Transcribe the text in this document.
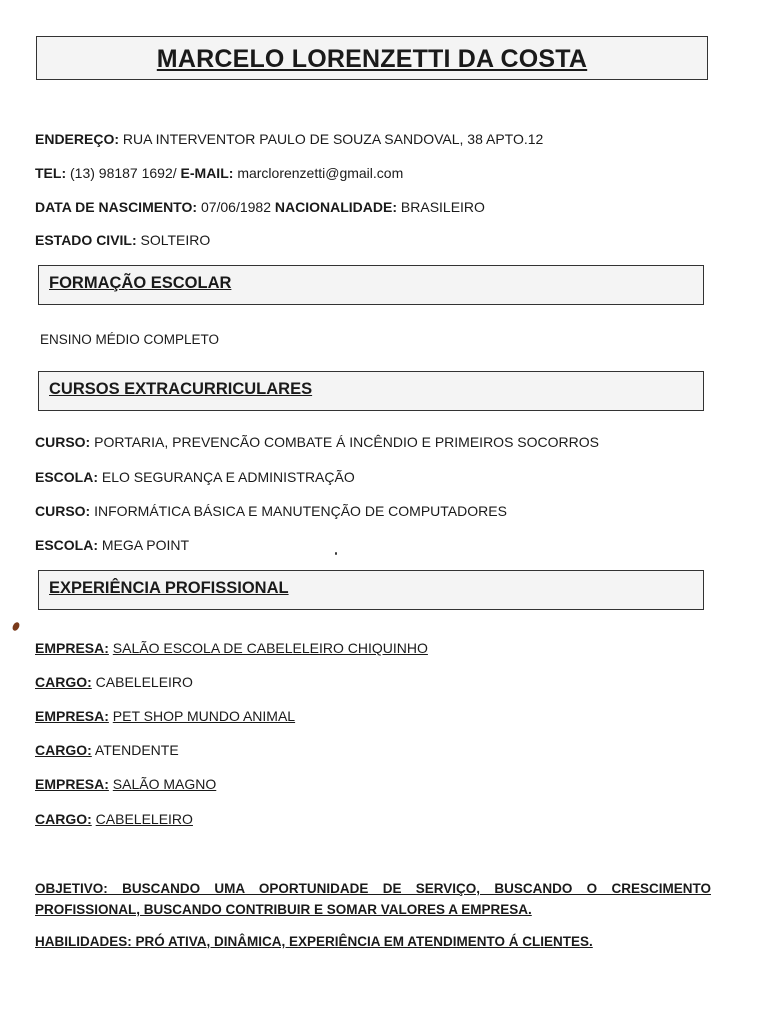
MARCELO LORENZETTI DA COSTA
ENDEREÇO: RUA INTERVENTOR PAULO DE SOUZA SANDOVAL, 38 APTO.12
TEL: (13) 98187 1692/ E-MAIL: marclorenzetti@gmail.com
DATA DE NASCIMENTO: 07/06/1982 NACIONALIDADE: BRASILEIRO
ESTADO CIVIL: SOLTEIRO
FORMAÇÃO ESCOLAR
ENSINO MÉDIO COMPLETO
CURSOS EXTRACURRICULARES
CURSO: PORTARIA, PREVENCÃO COMBATE Á INCÊNDIO E PRIMEIROS SOCORROS
ESCOLA: ELO SEGURANÇA E ADMINISTRAÇÃO
CURSO: INFORMÁTICA BÁSICA E MANUTENÇÃO DE COMPUTADORES
ESCOLA: MEGA POINT
EXPERIÊNCIA PROFISSIONAL
EMPRESA: SALÃO ESCOLA DE CABELELEIRO CHIQUINHO
CARGO: CABELELEIRO
EMPRESA: PET SHOP MUNDO ANIMAL
CARGO: ATENDENTE
EMPRESA: SALÃO MAGNO
CARGO: CABELELEIRO
OBJETIVO: BUSCANDO UMA OPORTUNIDADE DE SERVIÇO, BUSCANDO O CRESCIMENTO PROFISSIONAL, BUSCANDO CONTRIBUIR E SOMAR VALORES A EMPRESA.
HABILIDADES: PRÓ ATIVA, DINÂMICA, EXPERIÊNCIA EM ATENDIMENTO Á CLIENTES.
